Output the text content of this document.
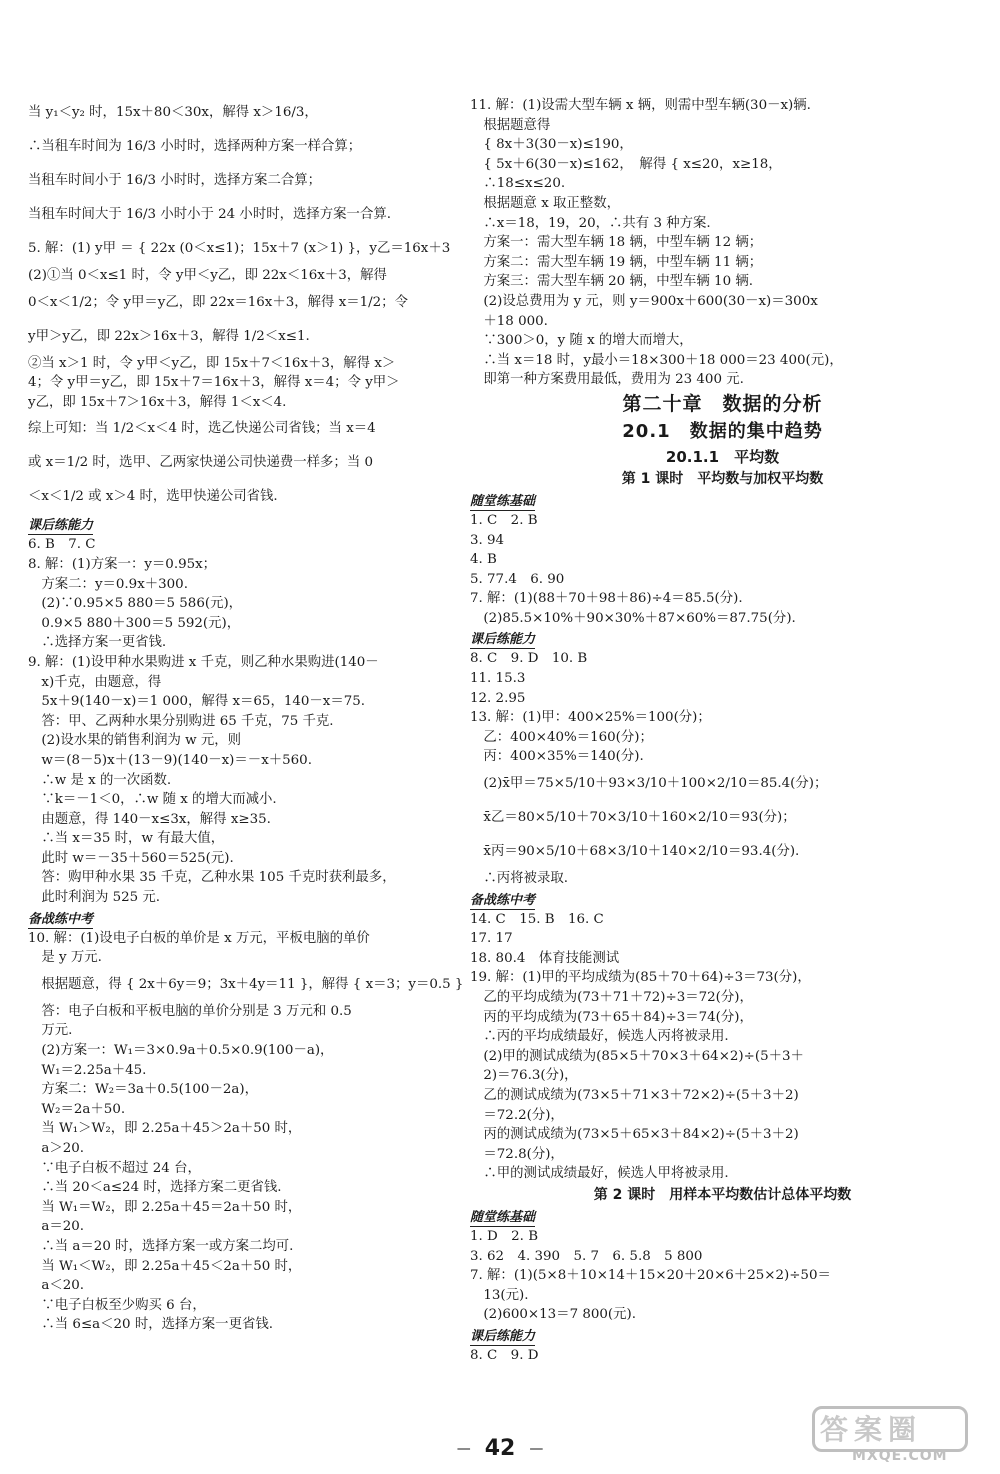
当 y₁＜y₂ 时，15x＋80＜30x，解得 x＞16/3，
∴当租车时间为 16/3 小时时，选择两种方案一样合算；
当租车时间小于 16/3 小时时，选择方案二合算；
当租车时间大于 16/3 小时小于 24 小时时，选择方案一合算.
5. 解：(1) y甲 ＝ { 22x (0＜x≤1)；15x＋7 (x＞1) }，y乙＝16x＋3
(2)①当 0＜x≤1 时，令 y甲＜y乙，即 22x＜16x＋3，解得
0＜x＜1/2；令 y甲＝y乙，即 22x＝16x＋3，解得 x＝1/2；令
y甲＞y乙，即 22x＞16x＋3，解得 1/2＜x≤1.
②当 x＞1 时，令 y甲＜y乙，即 15x＋7＜16x＋3，解得 x＞
4；令 y甲＝y乙，即 15x＋7＝16x＋3，解得 x＝4；令 y甲＞
y乙，即 15x＋7＞16x＋3，解得 1＜x＜4.
综上可知：当 1/2＜x＜4 时，选乙快递公司省钱；当 x＝4
或 x＝1/2 时，选甲、乙两家快递公司快递费一样多；当 0
＜x＜1/2 或 x＞4 时，选甲快递公司省钱.
课后练能力
6. B　7. C
8. 解：(1)方案一：y＝0.95x；
　方案二：y＝0.9x＋300.
　(2)∵0.95×5 880＝5 586(元)，
　0.9×5 880＋300＝5 592(元)，
　∴选择方案一更省钱.
9. 解：(1)设甲种水果购进 x 千克，则乙种水果购进(140－
　x)千克，由题意，得
　5x＋9(140－x)＝1 000，解得 x＝65，140－x＝75.
　答：甲、乙两种水果分别购进 65 千克，75 千克.
　(2)设水果的销售利润为 w 元，则
　w＝(8－5)x＋(13－9)(140－x)＝－x＋560.
　∴w 是 x 的一次函数.
　∵k＝－1＜0，∴w 随 x 的增大而减小.
　由题意，得 140－x≤3x，解得 x≥35.
　∴当 x＝35 时，w 有最大值，
　此时 w＝－35＋560＝525(元).
　答：购甲种水果 35 千克，乙种水果 105 千克时获利最多，
　此时利润为 525 元.
备战练中考
10. 解：(1)设电子白板的单价是 x 万元，平板电脑的单价
　是 y 万元.
　根据题意，得 { 2x＋6y＝9；3x＋4y＝11 }，解得 { x＝3；y＝0.5 }
　答：电子白板和平板电脑的单价分别是 3 万元和 0.5
　万元.
　(2)方案一：W₁＝3×0.9a＋0.5×0.9(100－a)，
　W₁＝2.25a＋45.
　方案二：W₂＝3a＋0.5(100－2a)，
　W₂＝2a＋50.
　当 W₁＞W₂，即 2.25a＋45＞2a＋50 时，
　a＞20.
　∵电子白板不超过 24 台，
　∴当 20＜a≤24 时，选择方案二更省钱.
　当 W₁＝W₂，即 2.25a＋45＝2a＋50 时，
　a＝20.
　∴当 a＝20 时，选择方案一或方案二均可.
　当 W₁＜W₂，即 2.25a＋45＜2a＋50 时，
　a＜20.
　∵电子白板至少购买 6 台，
　∴当 6≤a＜20 时，选择方案一更省钱.
11. 解：(1)设需大型车辆 x 辆，则需中型车辆(30－x)辆.
　根据题意得
　{ 8x＋3(30－x)≤190，
　{ 5x＋6(30－x)≤162，　解得 { x≤20，x≥18，
　∴18≤x≤20.
　根据题意 x 取正整数，
　∴x＝18，19，20，∴共有 3 种方案.
　方案一：需大型车辆 18 辆，中型车辆 12 辆；
　方案二：需大型车辆 19 辆，中型车辆 11 辆；
　方案三：需大型车辆 20 辆，中型车辆 10 辆.
　(2)设总费用为 y 元，则 y＝900x＋600(30－x)＝300x
　＋18 000.
　∵300＞0，y 随 x 的增大而增大，
　∴当 x＝18 时，y最小＝18×300＋18 000＝23 400(元)，
　即第一种方案费用最低，费用为 23 400 元.
第二十章　数据的分析
20.1　数据的集中趋势
20.1.1　平均数
第 1 课时　平均数与加权平均数
随堂练基础
1. C　2. B
3. 94
4. B
5. 77.4　6. 90
7. 解：(1)(88＋70＋98＋86)÷4＝85.5(分).
　(2)85.5×10%＋90×30%＋87×60%＝87.75(分).
课后练能力
8. C　9. D　10. B
11. 15.3
12. 2.95
13. 解：(1)甲：400×25%＝100(分)；
　乙：400×40%＝160(分)；
　丙：400×35%＝140(分).
　(2)x̄甲＝75×5/10＋93×3/10＋100×2/10＝85.4(分)；
　x̄乙＝80×5/10＋70×3/10＋160×2/10＝93(分)；
　x̄丙＝90×5/10＋68×3/10＋140×2/10＝93.4(分).
　∴丙将被录取.
备战练中考
14. C　15. B　16. C
17. 17
18. 80.4　体育技能测试
19. 解：(1)甲的平均成绩为(85＋70＋64)÷3＝73(分)，
　乙的平均成绩为(73＋71＋72)÷3＝72(分)，
　丙的平均成绩为(73＋65＋84)÷3＝74(分)，
　∴丙的平均成绩最好，候选人丙将被录用.
　(2)甲的测试成绩为(85×5＋70×3＋64×2)÷(5＋3＋
　2)＝76.3(分)，
　乙的测试成绩为(73×5＋71×3＋72×2)÷(5＋3＋2)
　＝72.2(分)，
　丙的测试成绩为(73×5＋65×3＋84×2)÷(5＋3＋2)
　＝72.8(分)，
　∴甲的测试成绩最好，候选人甲将被录用.
第 2 课时　用样本平均数估计总体平均数
随堂练基础
1. D　2. B
3. 62　4. 390　5. 7　6. 5.8　5 800
7. 解：(1)(5×8＋10×14＋15×20＋20×6＋25×2)÷50＝
　13(元).
　(2)600×13＝7 800(元).
课后练能力
8. C　9. D
— 42 —
答案圈
MXQE.COM
